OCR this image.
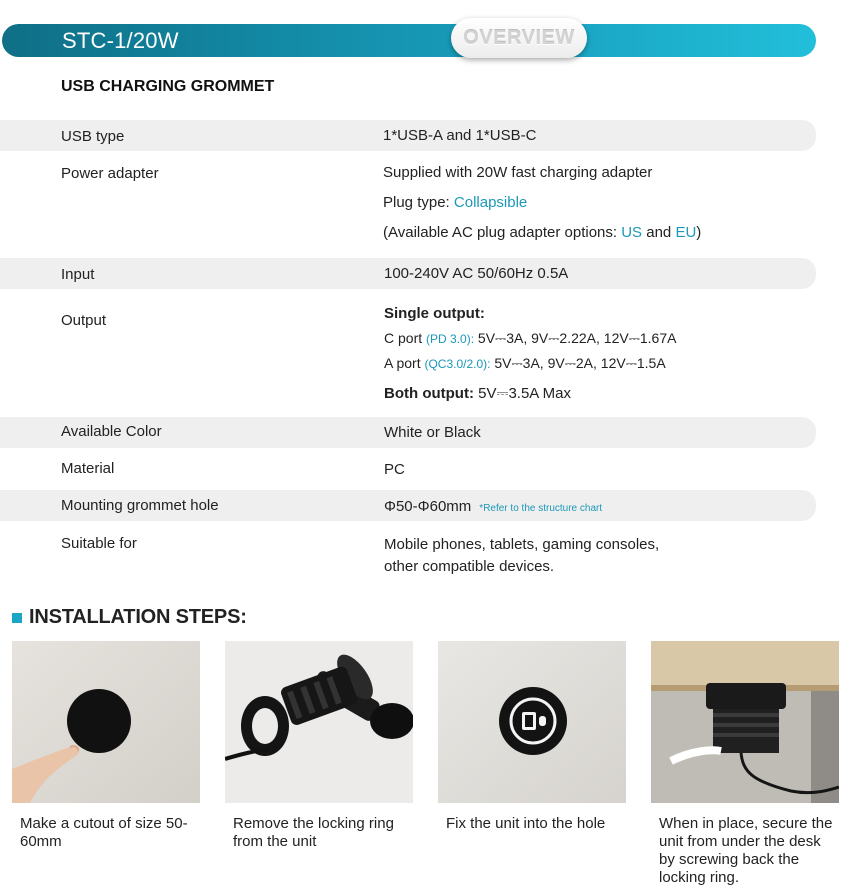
STC-1/20W	OVERVIEW
USB CHARGING GROMMET
USB type	1*USB-A and 1*USB-C
Power adapter	Supplied with 20W fast charging adapter
Plug type: Collapsible
(Available AC plug adapter options: US and EU)
Input	100-240V AC 50/60Hz 0.5A
Output	Single output:
C port (PD 3.0): 5V⎓3A, 9V⎓2.22A, 12V⎓1.67A
A port (QC3.0/2.0): 5V⎓3A, 9V⎓2A, 12V⎓1.5A
Both output: 5V⎓3.5A Max
Available Color	White or Black
Material	PC
Mounting grommet hole	Φ50-Φ60mm *Refer to the structure chart
Suitable for	Mobile phones, tablets, gaming consoles,
other compatible devices.
INSTALLATION STEPS:
Make a cutout of size 50-60mm
Remove the locking ring from the unit
Fix the unit into the hole	When in place, secure the unit from under the desk by screwing back the locking ring.
